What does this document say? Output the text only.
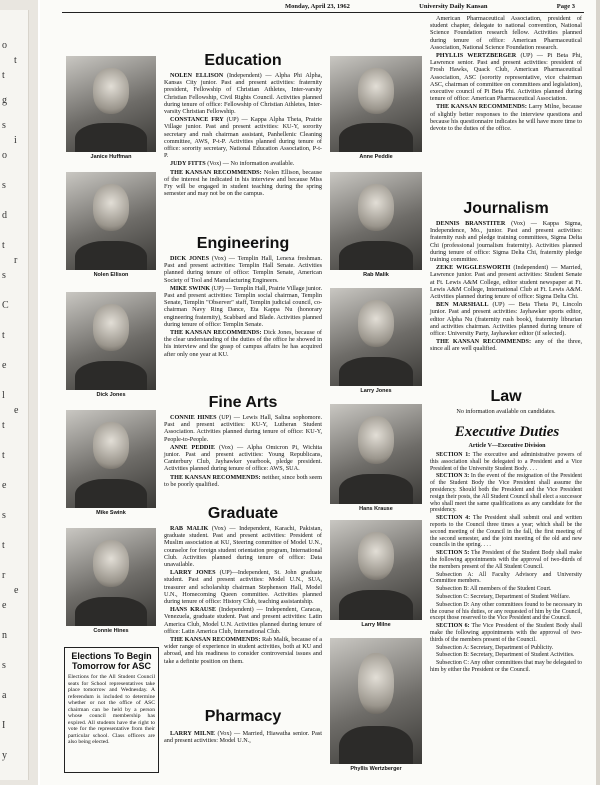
t
g
s
o
s
d
t
s
C
t
e
l
t
t
e
s
t
r
e
n
s
a
I
y
o
t
i
r
e
e
Monday, April 23, 1962	University Daily Kansan	Page 3
Janice Huffman
Nolen Ellison
Dick Jones
Mike Swink
Connie Hines
Elections To Begin Tomorrow for ASC
Elections for the All Student Council seats for School representatives take place tomorrow and Wednesday. A referendum is included to determine whether or not the office of ASC chairman can be held by a person whose council membership has expired. All students have the right to vote for the representative from their particular school. Class officers are also being elected.
Education
NOLEN ELLISON (Independent) — Alpha Phi Alpha, Kansas City junior. Past and present activities: fraternity president, Fellowship of Christian Athletes, Inter-varsity Christian Fellowship, Civil Rights Council. Activities planned during tenure of office: Fellowship of Christian Athletes, Inter-varsity Christian Fellowship.
CONSTANCE FRY (UP) — Kappa Alpha Theta, Prairie Village junior. Past and present activities: KU-Y, sorority secretary and rush chairman assistant, Panhellenic Cleaning committee, AWS, P-t-P. Activities planned during tenure of office: sorority secretary, National Education Association, P-t-P.
JUDY FITTS (Vox) — No information available.
THE KANSAN RECOMMENDS: Nolen Ellison, because of the interest he indicated in his interview and because Miss Fry will be engaged in student teaching during the spring semester and may not be on the campus.
Engineering
DICK JONES (Vox) — Templin Hall, Lenexa freshman. Past and present activities: Templin Hall Senate. Activities planned during tenure of office: Templin Senate, American Society of Tool and Manufacturing Engineers.
MIKE SWINK (UP) — Templin Hall, Prairie Village junior. Past and present activities: Templin social chairman, Templin Senate, Templin "Observer" staff, Templin judicial council, co-chairman Navy Ring Dance, Eta Kappa Nu (honorary engineering fraternity), Scabbard and Blade. Activities planned during tenure of office: Templin Senate.
THE KANSAN RECOMMENDS: Dick Jones, because of the clear understanding of the duties of the office he showed in his interview and the grasp of campus affairs he has acquired after only one year at KU.
Fine Arts
CONNIE HINES (UP) — Lewis Hall, Salina sophomore. Past and present activities: KU-Y, Lutheran Student Association. Activities planned during tenure of office: KU-Y, People-to-People.
ANNE PEDDIE (Vox) — Alpha Omicron Pi, Wichita junior. Past and present activities: Young Republicans, Canterbury Club, Jayhawker yearbook, pledge president. Activities planned during tenure of office: AWS, SUA.
THE KANSAN RECOMMENDS: neither, since both seem to be poorly qualified.
Graduate
RAB MALIK (Vox) — Independent, Karachi, Pakistan, graduate student. Past and present activities: President of Muslim association at KU, Steering committee of Model U.N., counselor for foreign student orientation program, International Club. Activities planned during tenure of office: Data unavailable.
LARRY JONES (UP)—Independent, St. John graduate student. Past and present activities: Model U.N., SUA, treasurer and scholarship chairman Stephenson Hall, Model U.N., Homecoming Queen committee. Activities planned during tenure of office: History Club, teaching assistantship.
HANS KRAUSE (Independent) — Independent, Caracas, Venezuela, graduate student. Past and present activities: Latin America Club, Model U.N. Activities planned during tenure of office: Latin America Club, International Club.
THE KANSAN RECOMMENDS: Rab Malik, because of a wider range of experience in student activities, both at KU and abroad, and his readiness to consider controversial issues and take a definite position on them.
Pharmacy
LARRY MILNE (Vox) — Married, Hiawatha senior. Past and present activities: Model U.N.,
Anne Peddie
Rab Malik
Larry Jones
Hans Krause
Larry Milne
Phyllis Wertzberger
American Pharmaceutical Association, president of student chapter, delegate to national convention, National Science Foundation research fellow. Activities planned during tenure of office: American Pharmaceutical Association, National Science Foundation research.
PHYLLIS WERTZBERGER (UP) — Pi Beta Phi, Lawrence senior. Past and present activities: president of Frosh Hawks, Quack Club, American Pharmaceutical Association, ASC (sorority representative, vice chairman ASC, chairman of committee on committees and legislation), executive council of Pi Beta Phi. Activities planned during tenure of office: American Pharmaceutical Association.
THE KANSAN RECOMMENDS: Larry Milne, because of slightly better responses to the interview questions and because his questionnaire indicates he will have more time to devote to the duties of the office.
Journalism
DENNIS BRANSTITER (Vox) — Kappa Sigma, Independence, Mo., junior. Past and present activities: fraternity rush and pledge training committees, Sigma Delta Chi (professional journalism fraternity). Activities planned during tenure of office: Sigma Delta Chi, fraternity pledge training committee.
ZEKE WIGGLESWORTH (Independent) — Married, Lawrence junior. Past and present activities: Student Senate at Ft. Lewis A&M College, editor student newspaper at Ft. Lewis A&M College, International Club at Ft. Lewis A&M. Activities planned during tenure of office: Sigma Delta Chi.
BEN MARSHALL (UP) — Beta Theta Pi, Lincoln junior. Past and present activities: Jayhawker sports editor, editor Alpha Nu (fraternity rush book), fraternity librarian and activities chairman. Activities planned during tenure of office: University Party, Jayhawker editor (if selected).
THE KANSAN RECOMMENDS: any of the three, since all are well qualified.
Law
No information available on candidates.
Executive Duties
Article V—Executive Division
SECTION 1: The executive and administrative powers of this association shall be delegated to a President and a Vice President of the University Student Body. . . .
SECTION 3: In the event of the resignation of the President of the Student Body the Vice President shall assume the presidency. Should both the President and the Vice President resign their posts, the All Student Council shall elect a successor who shall meet the same qualifications as any candidate for the presidency.
SECTION 4: The President shall submit oral and written reports to the Council three times a year; which shall be the second meeting of the Council in the fall, the first meeting of the second semester, and the joint meeting of the old and new councils in the spring. . . .
SECTION 5: The President of the Student Body shall make the following appointments with the approval of two-thirds of the members present of the All Student Council.
Subsection A: All Faculty Advisory and University Committee members.
Subsection B: All members of the Student Court.
Subsection C: Secretary, Department of Student Welfare.
Subsection D: Any other committees found to be necessary in the course of his duties, or any requested of him by the Council, except those reserved to the Vice President and the Council.
SECTION 6: The Vice President of the Student Body shall make the following appointments with the approval of two-thirds of the members present of the Council.
Subsection A: Secretary, Department of Publicity.
Subsection B: Secretary, Department of Student Activities.
Subsection C: Any other committees that may be delegated to him by either the President or the Council.
